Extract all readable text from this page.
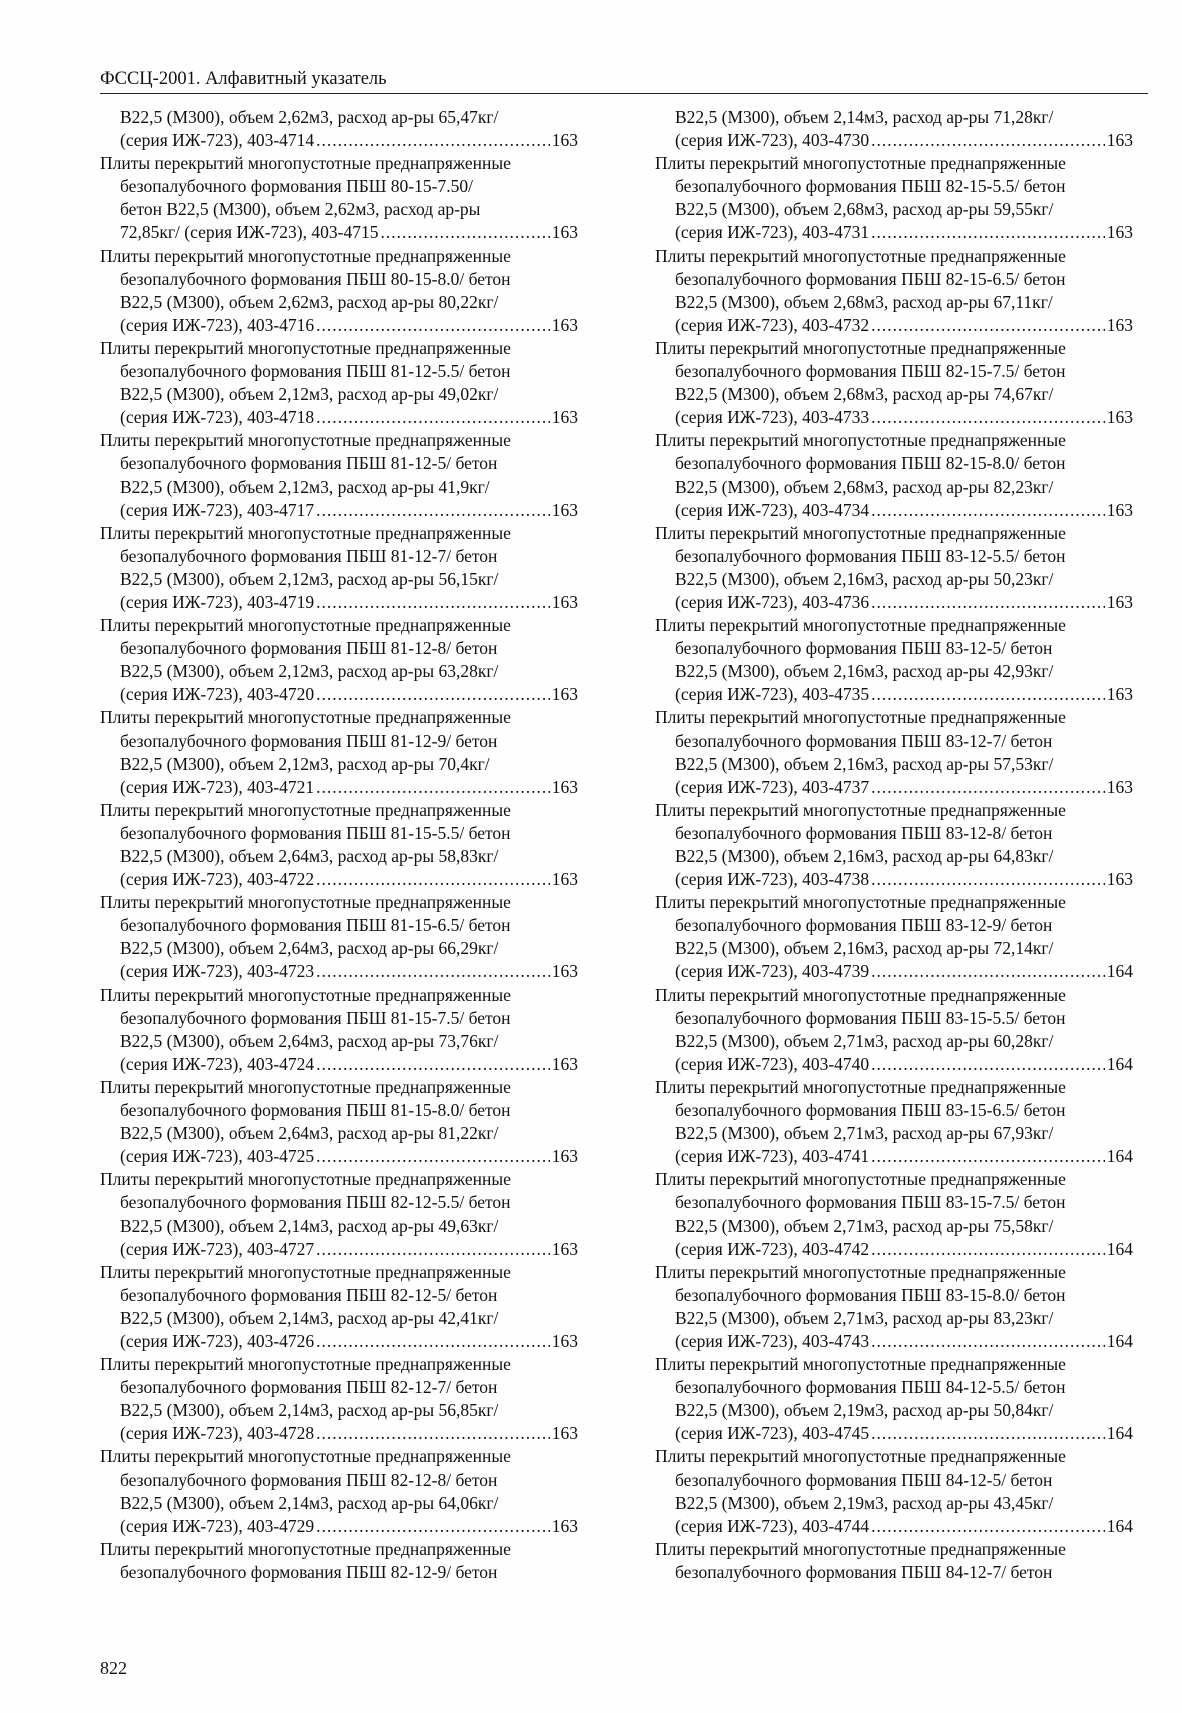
ФССЦ-2001. Алфавитный указатель
В22,5 (М300), объем 2,62м3, расход ар-ры 65,47кг/
(серия ИЖ-723), 403-4714 .....	163
Плиты перекрытий многопустотные преднапряженные
безопалубочного формования ПБШ 80-15-7.50/
бетон В22,5 (М300), объем 2,62м3, расход ар-ры
72,85кг/ (серия ИЖ-723), 403-4715 .....	163
Плиты перекрытий многопустотные преднапряженные
безопалубочного формования ПБШ 80-15-8.0/ бетон
В22,5 (М300), объем 2,62м3, расход ар-ры 80,22кг/
(серия ИЖ-723), 403-4716 .....	163
Плиты перекрытий многопустотные преднапряженные
безопалубочного формования ПБШ 81-12-5.5/ бетон
В22,5 (М300), объем 2,12м3, расход ар-ры 49,02кг/
(серия ИЖ-723), 403-4718 .....	163
Плиты перекрытий многопустотные преднапряженные
безопалубочного формования ПБШ 81-12-5/ бетон
В22,5 (М300), объем 2,12м3, расход ар-ры 41,9кг/
(серия ИЖ-723), 403-4717 .....	163
Плиты перекрытий многопустотные преднапряженные
безопалубочного формования ПБШ 81-12-7/ бетон
В22,5 (М300), объем 2,12м3, расход ар-ры 56,15кг/
(серия ИЖ-723), 403-4719 .....	163
Плиты перекрытий многопустотные преднапряженные
безопалубочного формования ПБШ 81-12-8/ бетон
В22,5 (М300), объем 2,12м3, расход ар-ры 63,28кг/
(серия ИЖ-723), 403-4720 .....	163
Плиты перекрытий многопустотные преднапряженные
безопалубочного формования ПБШ 81-12-9/ бетон
В22,5 (М300), объем 2,12м3, расход ар-ры 70,4кг/
(серия ИЖ-723), 403-4721 .....	163
Плиты перекрытий многопустотные преднапряженные
безопалубочного формования ПБШ 81-15-5.5/ бетон
В22,5 (М300), объем 2,64м3, расход ар-ры 58,83кг/
(серия ИЖ-723), 403-4722 .....	163
Плиты перекрытий многопустотные преднапряженные
безопалубочного формования ПБШ 81-15-6.5/ бетон
В22,5 (М300), объем 2,64м3, расход ар-ры 66,29кг/
(серия ИЖ-723), 403-4723 .....	163
Плиты перекрытий многопустотные преднапряженные
безопалубочного формования ПБШ 81-15-7.5/ бетон
В22,5 (М300), объем 2,64м3, расход ар-ры 73,76кг/
(серия ИЖ-723), 403-4724 .....	163
Плиты перекрытий многопустотные преднапряженные
безопалубочного формования ПБШ 81-15-8.0/ бетон
В22,5 (М300), объем 2,64м3, расход ар-ры 81,22кг/
(серия ИЖ-723), 403-4725 .....	163
Плиты перекрытий многопустотные преднапряженные
безопалубочного формования ПБШ 82-12-5.5/ бетон
В22,5 (М300), объем 2,14м3, расход ар-ры 49,63кг/
(серия ИЖ-723), 403-4727 .....	163
Плиты перекрытий многопустотные преднапряженные
безопалубочного формования ПБШ 82-12-5/ бетон
В22,5 (М300), объем 2,14м3, расход ар-ры 42,41кг/
(серия ИЖ-723), 403-4726 .....	163
Плиты перекрытий многопустотные преднапряженные
безопалубочного формования ПБШ 82-12-7/ бетон
В22,5 (М300), объем 2,14м3, расход ар-ры 56,85кг/
(серия ИЖ-723), 403-4728 .....	163
Плиты перекрытий многопустотные преднапряженные
безопалубочного формования ПБШ 82-12-8/ бетон
В22,5 (М300), объем 2,14м3, расход ар-ры 64,06кг/
(серия ИЖ-723), 403-4729 .....	163
Плиты перекрытий многопустотные преднапряженные
безопалубочного формования ПБШ 82-12-9/ бетон
В22,5 (М300), объем 2,14м3, расход ар-ры 71,28кг/
(серия ИЖ-723), 403-4730 .....	163
Плиты перекрытий многопустотные преднапряженные
безопалубочного формования ПБШ 82-15-5.5/ бетон
В22,5 (М300), объем 2,68м3, расход ар-ры 59,55кг/
(серия ИЖ-723), 403-4731 .....	163
Плиты перекрытий многопустотные преднапряженные
безопалубочного формования ПБШ 82-15-6.5/ бетон
В22,5 (М300), объем 2,68м3, расход ар-ры 67,11кг/
(серия ИЖ-723), 403-4732 .....	163
Плиты перекрытий многопустотные преднапряженные
безопалубочного формования ПБШ 82-15-7.5/ бетон
В22,5 (М300), объем 2,68м3, расход ар-ры 74,67кг/
(серия ИЖ-723), 403-4733 .....	163
Плиты перекрытий многопустотные преднапряженные
безопалубочного формования ПБШ 82-15-8.0/ бетон
В22,5 (М300), объем 2,68м3, расход ар-ры 82,23кг/
(серия ИЖ-723), 403-4734 .....	163
Плиты перекрытий многопустотные преднапряженные
безопалубочного формования ПБШ 83-12-5.5/ бетон
В22,5 (М300), объем 2,16м3, расход ар-ры 50,23кг/
(серия ИЖ-723), 403-4736 .....	163
Плиты перекрытий многопустотные преднапряженные
безопалубочного формования ПБШ 83-12-5/ бетон
В22,5 (М300), объем 2,16м3, расход ар-ры 42,93кг/
(серия ИЖ-723), 403-4735 .....	163
Плиты перекрытий многопустотные преднапряженные
безопалубочного формования ПБШ 83-12-7/ бетон
В22,5 (М300), объем 2,16м3, расход ар-ры 57,53кг/
(серия ИЖ-723), 403-4737 .....	163
Плиты перекрытий многопустотные преднапряженные
безопалубочного формования ПБШ 83-12-8/ бетон
В22,5 (М300), объем 2,16м3, расход ар-ры 64,83кг/
(серия ИЖ-723), 403-4738 .....	163
Плиты перекрытий многопустотные преднапряженные
безопалубочного формования ПБШ 83-12-9/ бетон
В22,5 (М300), объем 2,16м3, расход ар-ры 72,14кг/
(серия ИЖ-723), 403-4739 .....	164
Плиты перекрытий многопустотные преднапряженные
безопалубочного формования ПБШ 83-15-5.5/ бетон
В22,5 (М300), объем 2,71м3, расход ар-ры 60,28кг/
(серия ИЖ-723), 403-4740 .....	164
Плиты перекрытий многопустотные преднапряженные
безопалубочного формования ПБШ 83-15-6.5/ бетон
В22,5 (М300), объем 2,71м3, расход ар-ры 67,93кг/
(серия ИЖ-723), 403-4741 .....	164
Плиты перекрытий многопустотные преднапряженные
безопалубочного формования ПБШ 83-15-7.5/ бетон
В22,5 (М300), объем 2,71м3, расход ар-ры 75,58кг/
(серия ИЖ-723), 403-4742 .....	164
Плиты перекрытий многопустотные преднапряженные
безопалубочного формования ПБШ 83-15-8.0/ бетон
В22,5 (М300), объем 2,71м3, расход ар-ры 83,23кг/
(серия ИЖ-723), 403-4743 .....	164
Плиты перекрытий многопустотные преднапряженные
безопалубочного формования ПБШ 84-12-5.5/ бетон
В22,5 (М300), объем 2,19м3, расход ар-ры 50,84кг/
(серия ИЖ-723), 403-4745 .....	164
Плиты перекрытий многопустотные преднапряженные
безопалубочного формования ПБШ 84-12-5/ бетон
В22,5 (М300), объем 2,19м3, расход ар-ры 43,45кг/
(серия ИЖ-723), 403-4744 .....	164
Плиты перекрытий многопустотные преднапряженные
безопалубочного формования ПБШ 84-12-7/ бетон
822
